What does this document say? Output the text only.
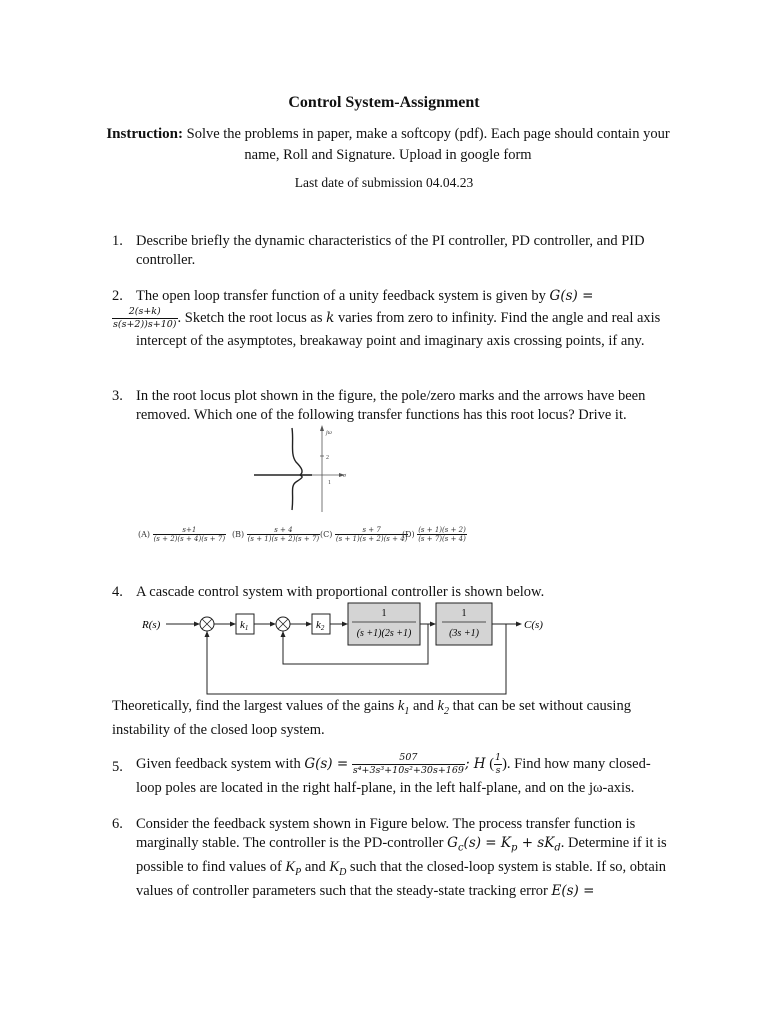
Control System-Assignment
Instruction: Solve the problems in paper, make a softcopy (pdf). Each page should contain your name, Roll and Signature. Upload in google form
Last date of submission 04.04.23
1. Describe briefly the dynamic characteristics of the PI controller, PD controller, and PID controller.
2. The open loop transfer function of a unity feedback system is given by G(s) =

$\frac{2(s+k)}{s(s+2))s+10)}$ . Sketch the root locus as k varies from zero to infinity. Find the angle and real axis intercept of the asymptotes, breakaway point and imaginary axis crossing points, if any.
3. In the root locus plot shown in the figure, the pole/zero marks and the arrows have been removed. Which one of the following transfer functions has this root locus? Drive it.
2
jω
σ
1
$(A) \frac{s+1}{(s + 2)(s + 4)(s + 7)} (B) \frac{s + 4}{(s + 1)(s + 2)(s + 7)} (C) \frac{s + 7}{(s + 1)(s + 2)(s + 4)}$
$(D) \frac{(s + 1)(s + 2)}{(s + 7)(s + 4)}$
4. A cascade control system with proportional controller is shown below.
R(s)	k1	k2
1
(s +1)(2s +1)
1
(3s +1)
C(s)
Theoretically, find the largest values of the gains $k_1$ and $k_2$ that can be set without causing instability of the closed loop system.
5. Given feedback system with $G(s) = \frac{507}{\text{s⁴+3s³+10s²+30s+169}}$ ; H ( $\frac{1}{s}$ ). Find how many closed-loop poles are located in the right half-plane, in the left half-plane, and on the jω-axis.
6. Consider the feedback system shown in Figure below. The process transfer function is marginally stable. The controller is the PD-controller $G_c(s) = K_p + sK_d$. Determine if it is possible to find values of $K_P$ and $K_D$ such that the closed-loop system is stable. If so, obtain values of controller parameters such that the steady-state tracking error E(s) =
